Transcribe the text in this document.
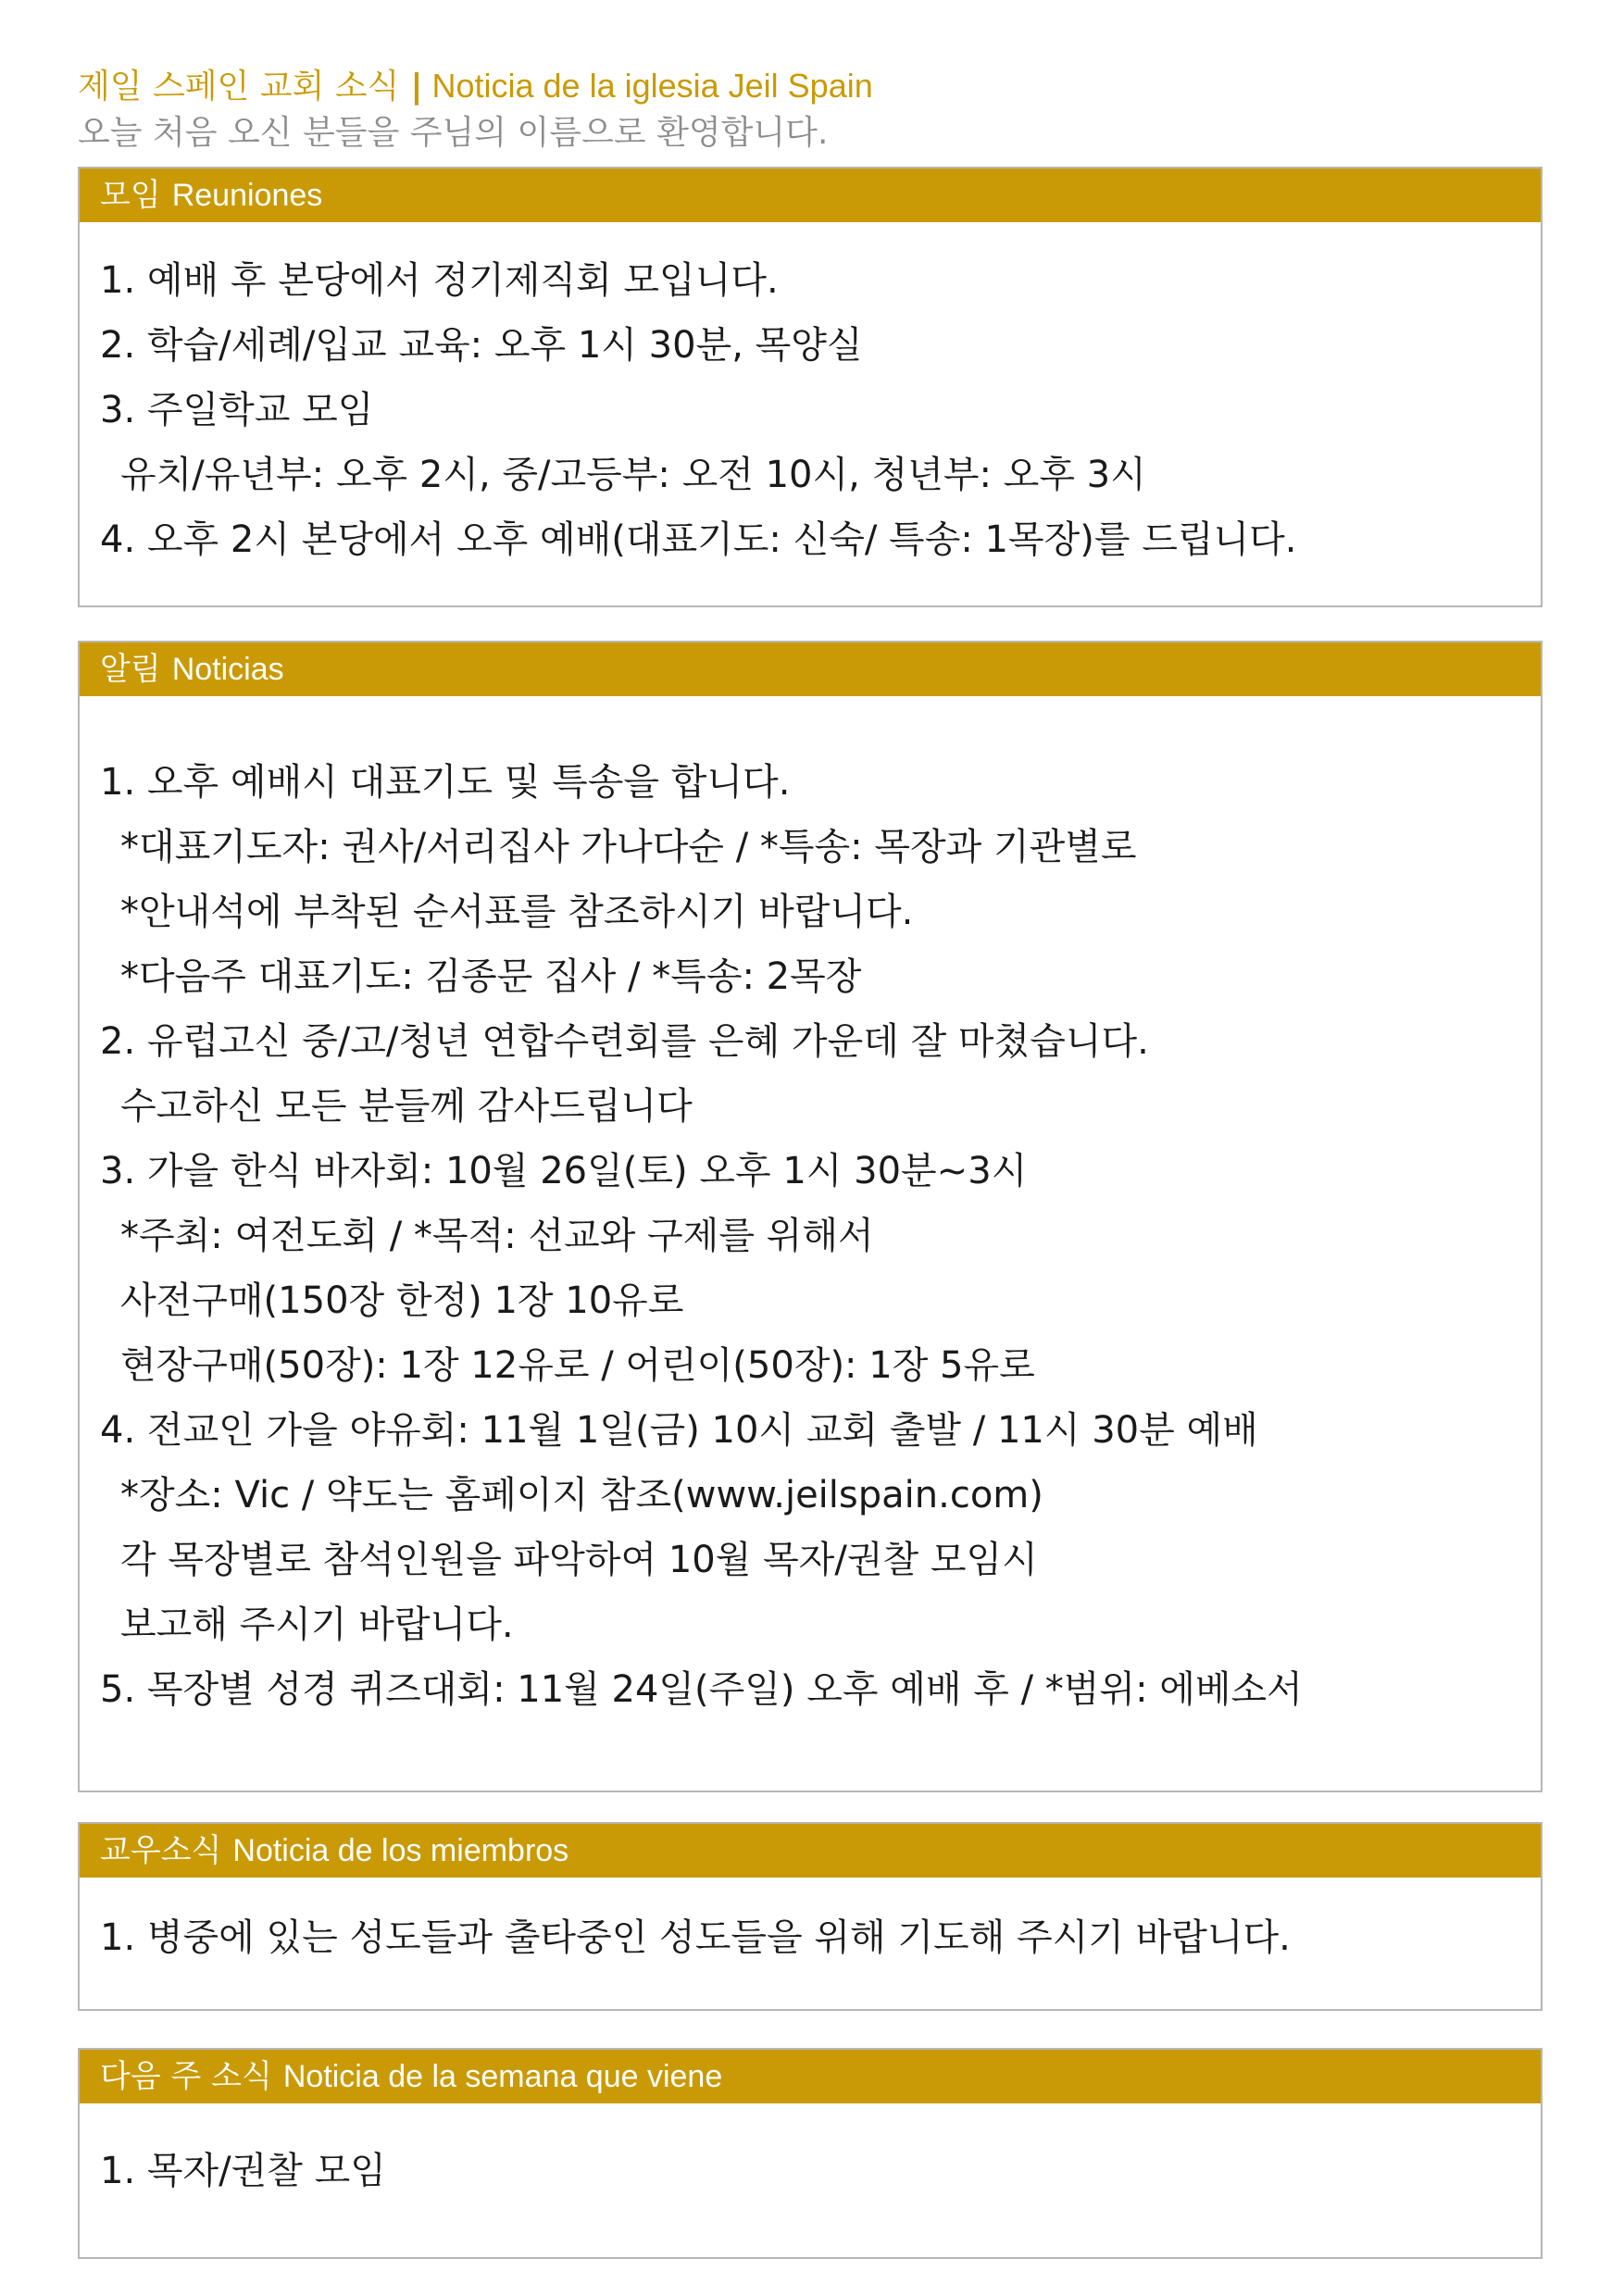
제일 스페인 교회 소식 | Noticia de la iglesia Jeil Spain
오늘 처음 오신 분들을 주님의 이름으로 환영합니다.
모임 Reuniones
1. 예배 후 본당에서 정기제직회 모입니다.
2. 학습/세례/입교 교육: 오후 1시 30분, 목양실
3. 주일학교 모임
유치/유년부: 오후 2시, 중/고등부: 오전 10시, 청년부: 오후 3시
4. 오후 2시 본당에서 오후 예배(대표기도: 신숙/ 특송: 1목장)를 드립니다.
알림 Noticias
1. 오후 예배시 대표기도 및 특송을 합니다.
*대표기도자: 권사/서리집사 가나다순 / *특송: 목장과 기관별로
*안내석에 부착된 순서표를 참조하시기 바랍니다.
*다음주 대표기도: 김종문 집사 / *특송: 2목장
2. 유럽고신 중/고/청년 연합수련회를 은혜 가운데 잘 마쳤습니다.
수고하신 모든 분들께 감사드립니다
3. 가을 한식 바자회: 10월 26일(토) 오후 1시 30분~3시
*주최: 여전도회 / *목적: 선교와 구제를 위해서
사전구매(150장 한정) 1장 10유로
현장구매(50장): 1장 12유로 / 어린이(50장): 1장 5유로
4. 전교인 가을 야유회: 11월 1일(금) 10시 교회 출발 / 11시 30분 예배
*장소: Vic / 약도는 홈페이지 참조(www.jeilspain.com)
각 목장별로 참석인원을 파악하여 10월 목자/권찰 모임시
보고해 주시기 바랍니다.
5. 목장별 성경 퀴즈대회: 11월 24일(주일) 오후 예배 후 / *범위: 에베소서
교우소식 Noticia de los miembros
1. 병중에 있는 성도들과 출타중인 성도들을 위해 기도해 주시기 바랍니다.
다음 주 소식 Noticia de la semana que viene
1. 목자/권찰 모임
